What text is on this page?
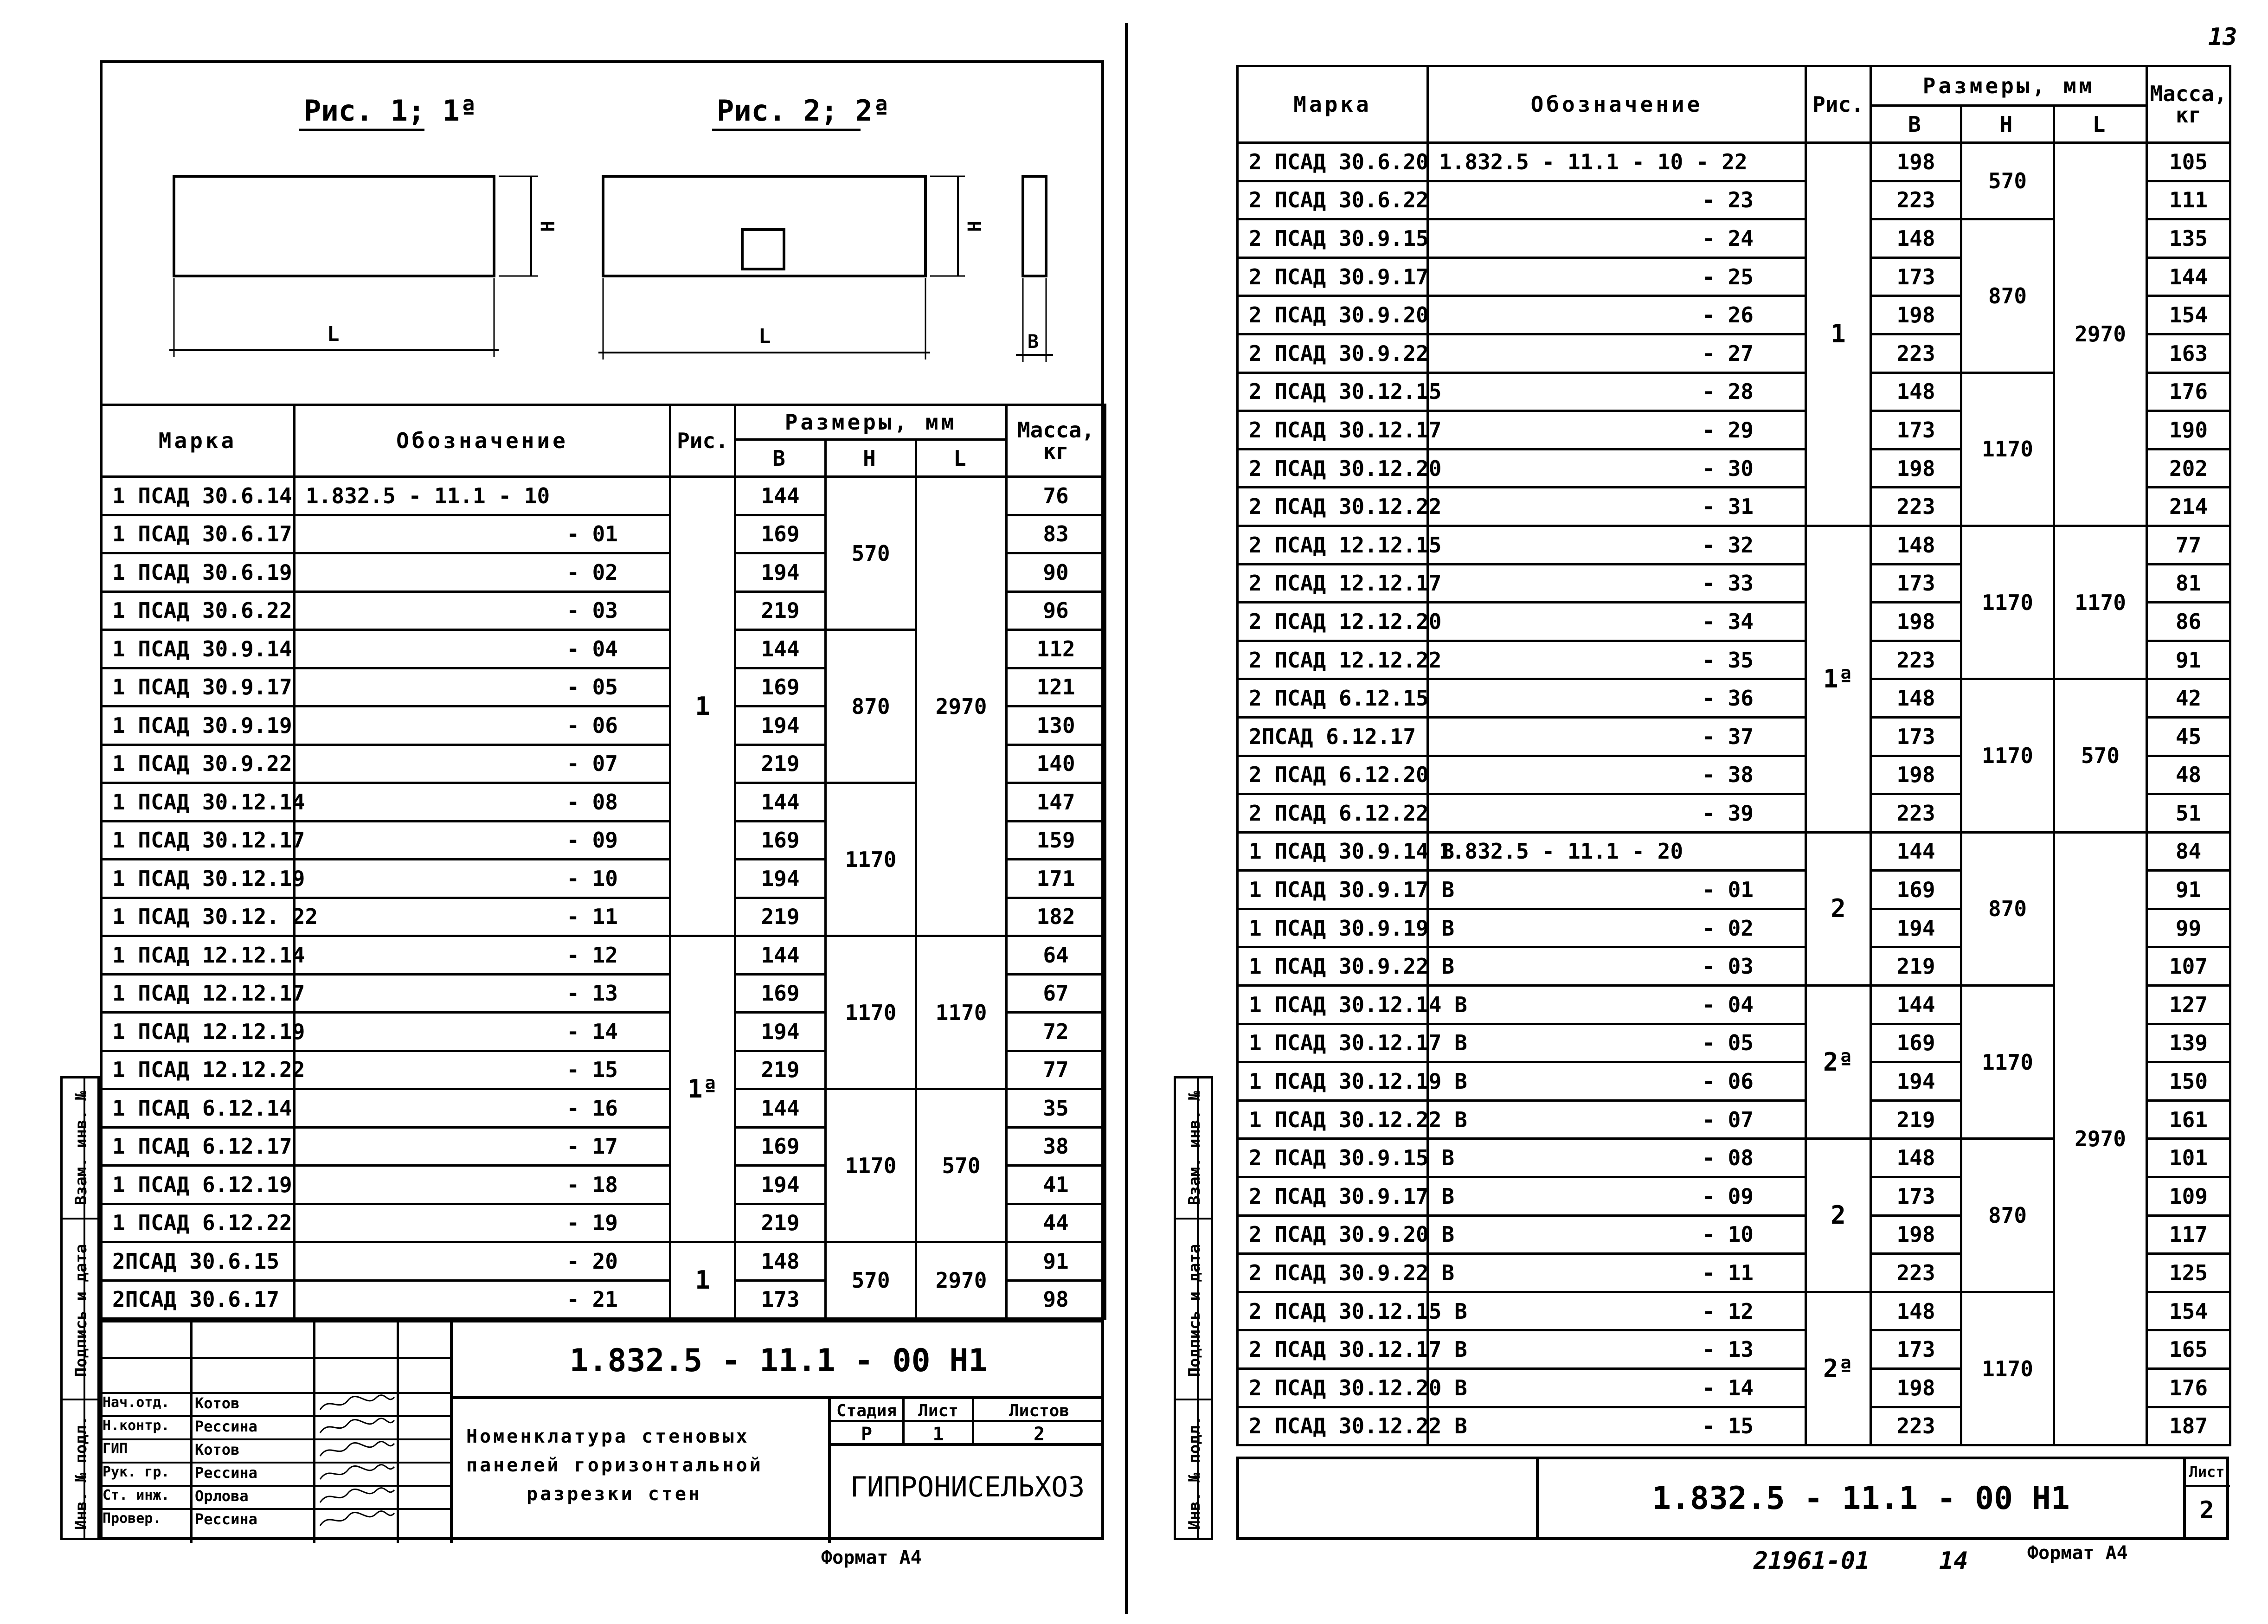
Рис. 1; 1ª	Рис. 2; 2ª
H
L
H
L	B
Марка	Обозначение	Рис.	Размеры, мм			Масса, кг
			В	Н	L	
1 ПСАД 30.6.14	1.832.5 - 11.1 - 10	1	144	570	2970	76
1 ПСАД 30.6.17	- 01		169			83
1 ПСАД 30.6.19	- 02		194			90
1 ПСАД 30.6.22	- 03		219			96
1 ПСАД 30.9.14	- 04		144	870		112
1 ПСАД 30.9.17	- 05		169			121
1 ПСАД 30.9.19	- 06		194			130
1 ПСАД 30.9.22	- 07		219			140
1 ПСАД 30.12.14	- 08		144	1170		147
1 ПСАД 30.12.17	- 09		169			159
1 ПСАД 30.12.19	- 10		194			171
1 ПСАД 30.12. 22	- 11		219			182
1 ПСАД 12.12.14	- 12	1ª	144	1170	1170	64
1 ПСАД 12.12.17	- 13		169			67
1 ПСАД 12.12.19	- 14		194			72
1 ПСАД 12.12.22	- 15		219			77
1 ПСАД 6.12.14	- 16		144	1170	570	35
1 ПСАД 6.12.17	- 17		169			38
1 ПСАД 6.12.19	- 18		194			41
1 ПСАД 6.12.22	- 19		219			44
2ПСАД 30.6.15	- 20	1	148	570	2970	91
2ПСАД 30.6.17	- 21		173			98
Нач.отд. Котов
Н.контр. Рессина
ГИП	Котов
Рук. гр. Рессина
Ст. инж. Орлова
Провер. Рессина
1.832.5 - 11.1 - 00 Н1
Номенклатура стеновых
панелей горизонтальной
разрезки стен
Стадия	Лист	Листов
Р	1	2
ГИПРОНИСЕЛЬХОЗ
Формат А4
Взам. инв. №
Подпись и дата
Инв. № подл.
13
Марка	Обозначение	Рис.	Размеры, мм			Масса, кг
			В	Н	L	
2 ПСАД 30.6.20	1.832.5 - 11.1 - 10 - 22	1	198	570	2970	105
2 ПСАД 30.6.22	- 23		223			111
2 ПСАД 30.9.15	- 24		148	870		135
2 ПСАД 30.9.17	- 25		173			144
2 ПСАД 30.9.20	- 26		198			154
2 ПСАД 30.9.22	- 27		223			163
2 ПСАД 30.12.15	- 28		148	1170		176
2 ПСАД 30.12.17	- 29		173			190
2 ПСАД 30.12.20	- 30		198			202
2 ПСАД 30.12.22	- 31		223			214
2 ПСАД 12.12.15	- 32	1ª	148	1170	1170	77
2 ПСАД 12.12.17	- 33		173			81
2 ПСАД 12.12.20	- 34		198			86
2 ПСАД 12.12.22	- 35		223			91
2 ПСАД 6.12.15	- 36		148	1170	570	42
2ПСАД 6.12.17	- 37		173			45
2 ПСАД 6.12.20	- 38		198			48
2 ПСАД 6.12.22	- 39		223			51
1 ПСАД 30.9.14 В	1.832.5 - 11.1 - 20	2	144	870	2970	84
1 ПСАД 30.9.17 В	- 01		169			91
1 ПСАД 30.9.19 В	- 02		194			99
1 ПСАД 30.9.22 В	- 03		219			107
1 ПСАД 30.12.14 В	- 04	2ª	144	1170		127
1 ПСАД 30.12.17 В	- 05		169			139
1 ПСАД 30.12.19 В	- 06		194			150
1 ПСАД 30.12.22 В	- 07		219			161
2 ПСАД 30.9.15 В	- 08	2	148	870		101
2 ПСАД 30.9.17 В	- 09		173			109
2 ПСАД 30.9.20 В	- 10		198			117
2 ПСАД 30.9.22 В	- 11		223			125
2 ПСАД 30.12.15 В	- 12	2ª	148	1170		154
2 ПСАД 30.12.17 В	- 13		173			165
2 ПСАД 30.12.20 В	- 14		198			176
2 ПСАД 30.12.22 В	- 15		223			187
1.832.5 - 11.1 - 00 Н1
Лист
2
21961-01	14	Формат А4
Взам. инв. №
Подпись и дата
Инв. № подл.
